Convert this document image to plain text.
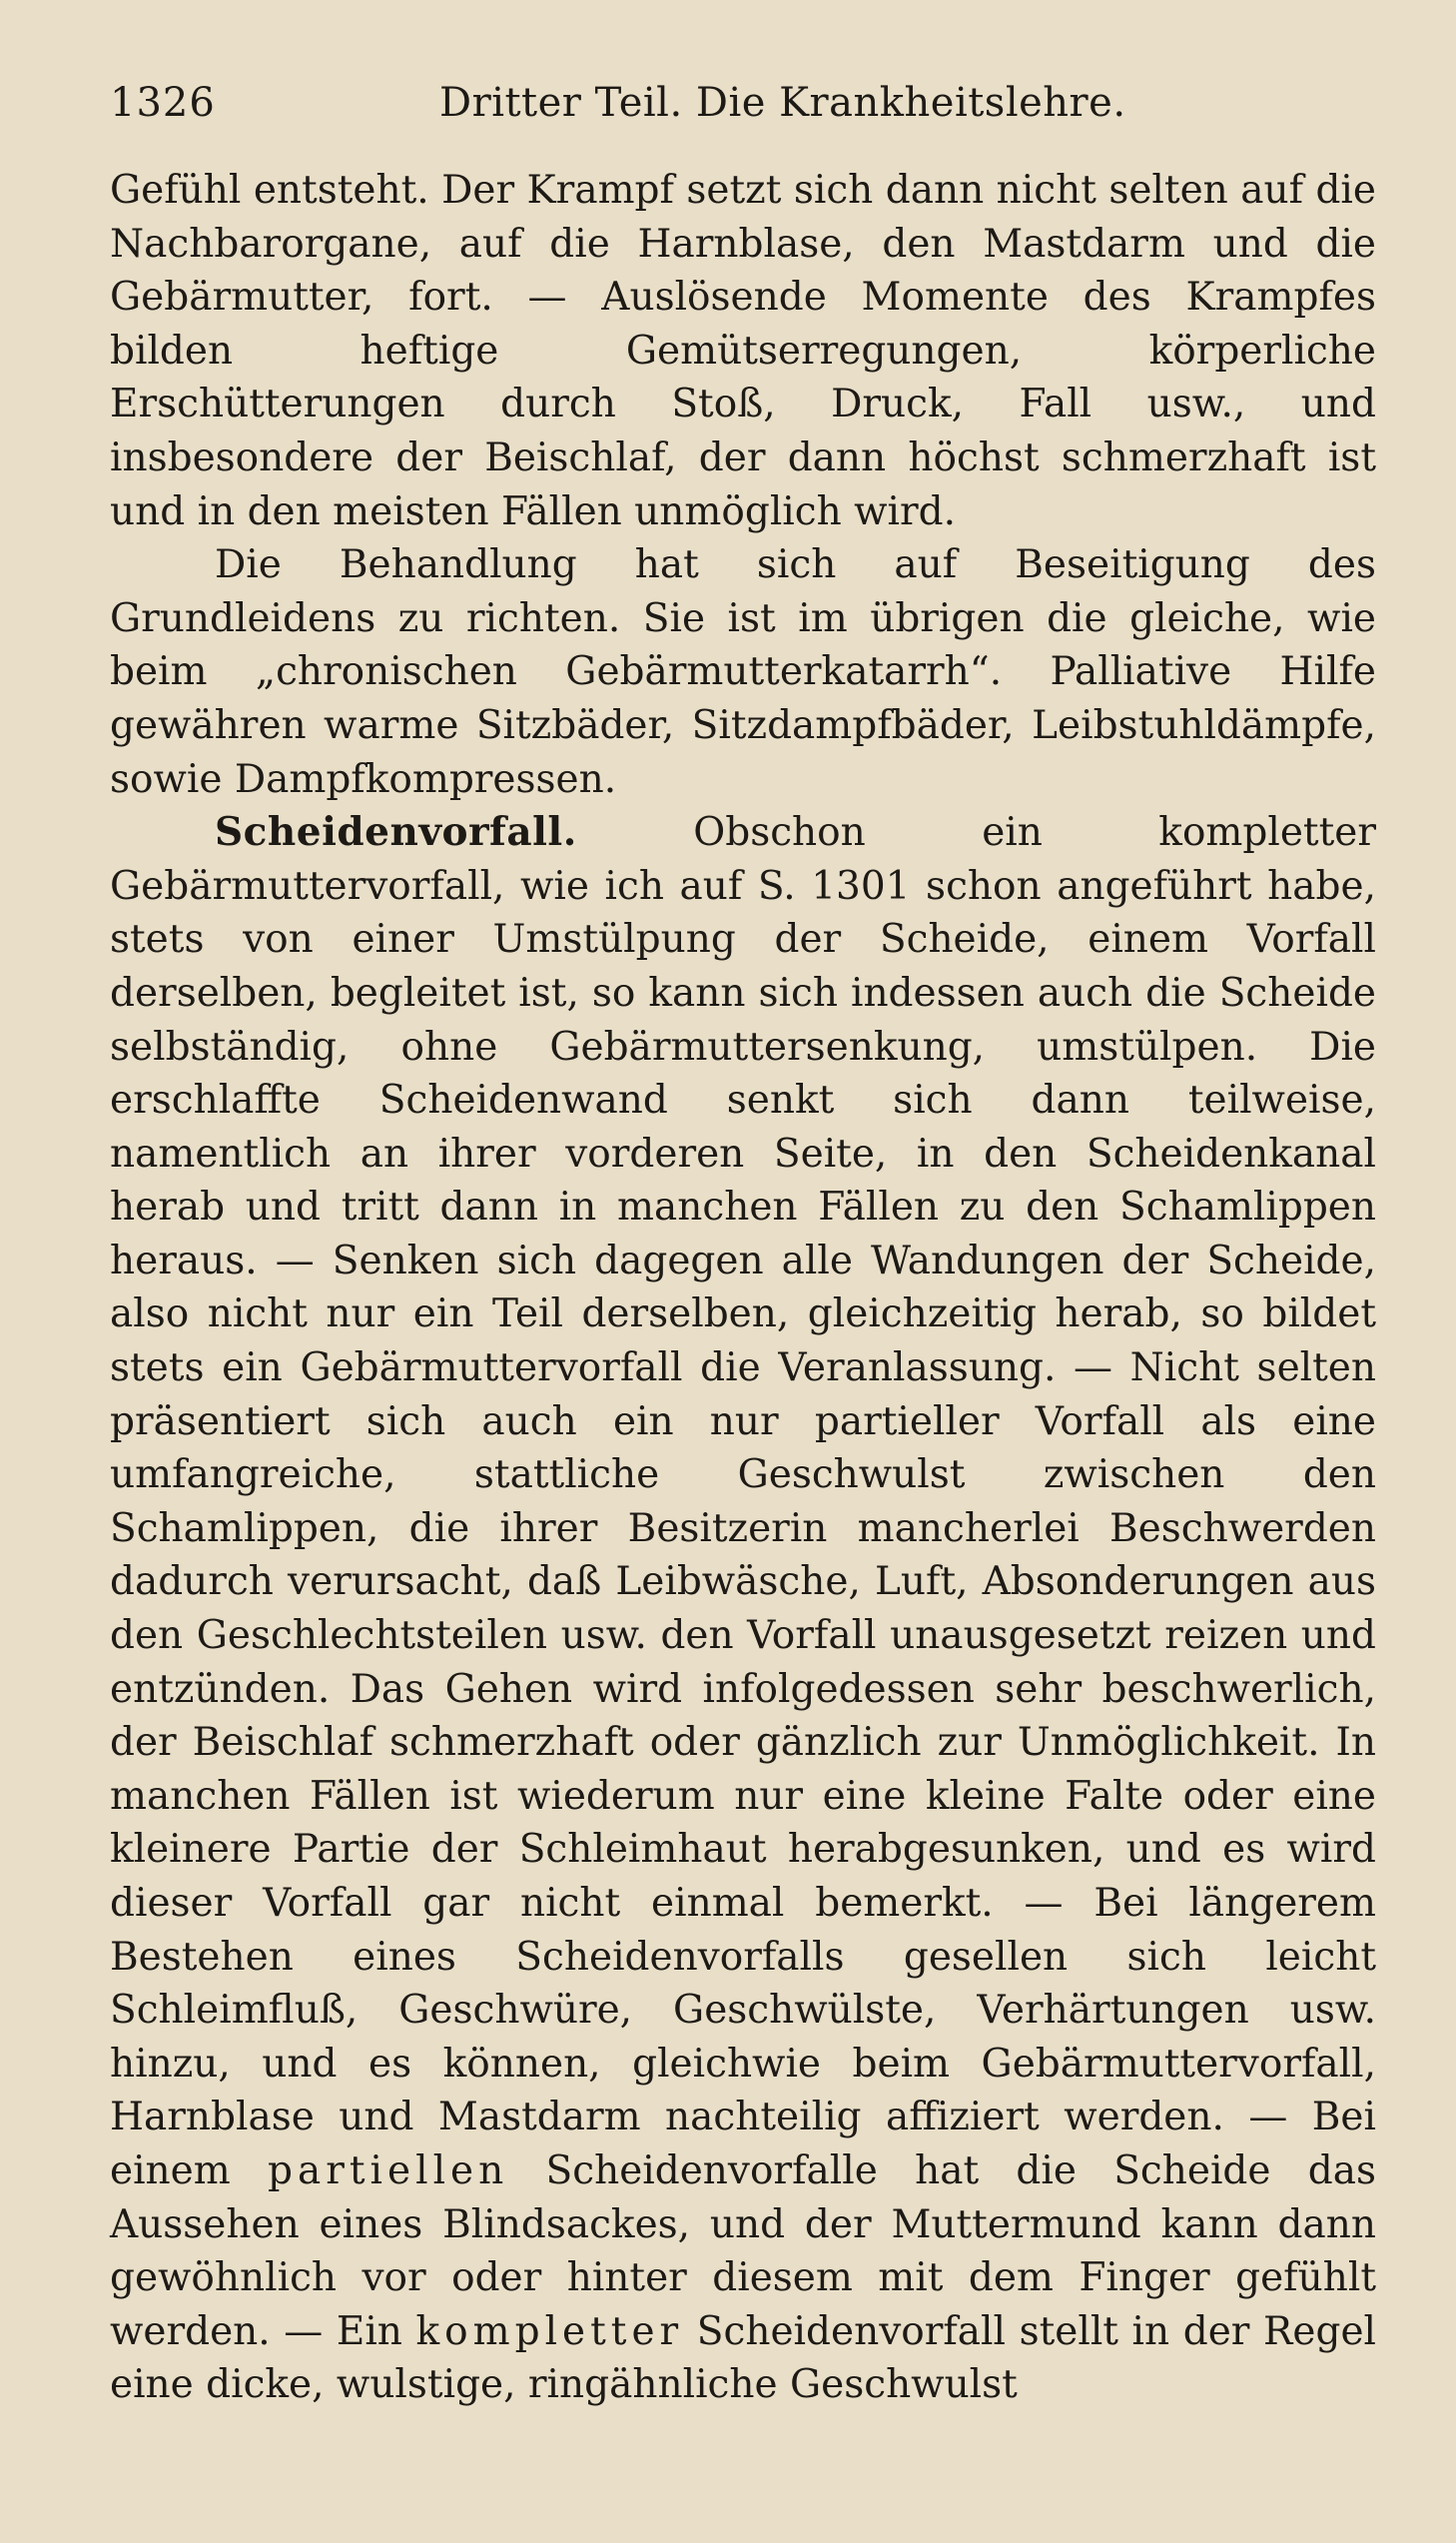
1326	Dritter Teil. Die Krankheitslehre.

Gefühl entsteht. Der Krampf setzt sich dann nicht selten auf die Nachbarorgane, auf die Harnblase, den Mastdarm und die Gebärmutter, fort. — Auslösende Momente des Krampfes bilden heftige Gemütserregungen, körperliche Erschütterungen durch Stoß, Druck, Fall usw., und insbesondere der Beischlaf, der dann höchst schmerzhaft ist und in den meisten Fällen unmöglich wird.

Die Behandlung hat sich auf Beseitigung des Grundleidens zu richten. Sie ist im übrigen die gleiche, wie beim „chronischen Gebärmutterkatarrh“. Palliative Hilfe gewähren warme Sitzbäder, Sitzdampfbäder, Leibstuhldämpfe, sowie Dampfkompressen.

Scheidenvorfall. Obschon ein kompletter Gebärmuttervorfall, wie ich auf S. 1301 schon angeführt habe, stets von einer Umstülpung der Scheide, einem Vorfall derselben, begleitet ist, so kann sich indessen auch die Scheide selbständig, ohne Gebärmuttersenkung, umstülpen. Die erschlaffte Scheidenwand senkt sich dann teilweise, namentlich an ihrer vorderen Seite, in den Scheidenkanal herab und tritt dann in manchen Fällen zu den Schamlippen heraus. — Senken sich dagegen alle Wandungen der Scheide, also nicht nur ein Teil derselben, gleichzeitig herab, so bildet stets ein Gebärmuttervorfall die Veranlassung. — Nicht selten präsentiert sich auch ein nur partieller Vorfall als eine umfangreiche, stattliche Geschwulst zwischen den Schamlippen, die ihrer Besitzerin mancherlei Beschwerden dadurch verursacht, daß Leibwäsche, Luft, Absonderungen aus den Geschlechtsteilen usw. den Vorfall unausgesetzt reizen und entzünden. Das Gehen wird infolgedessen sehr beschwerlich, der Beischlaf schmerzhaft oder gänzlich zur Unmöglichkeit. In manchen Fällen ist wiederum nur eine kleine Falte oder eine kleinere Partie der Schleimhaut herabgesunken, und es wird dieser Vorfall gar nicht einmal bemerkt. — Bei längerem Bestehen eines Scheidenvorfalls gesellen sich leicht Schleimfluß, Geschwüre, Geschwülste, Verhärtungen usw. hinzu, und es können, gleichwie beim Gebärmuttervorfall, Harnblase und Mastdarm nachteilig affiziert werden. — Bei einem partiellen Scheidenvorfalle hat die Scheide das Aussehen eines Blindsackes, und der Muttermund kann dann gewöhnlich vor oder hinter diesem mit dem Finger gefühlt werden. — Ein kompletter Scheidenvorfall stellt in der Regel eine dicke, wulstige, ringähnliche Geschwulst
